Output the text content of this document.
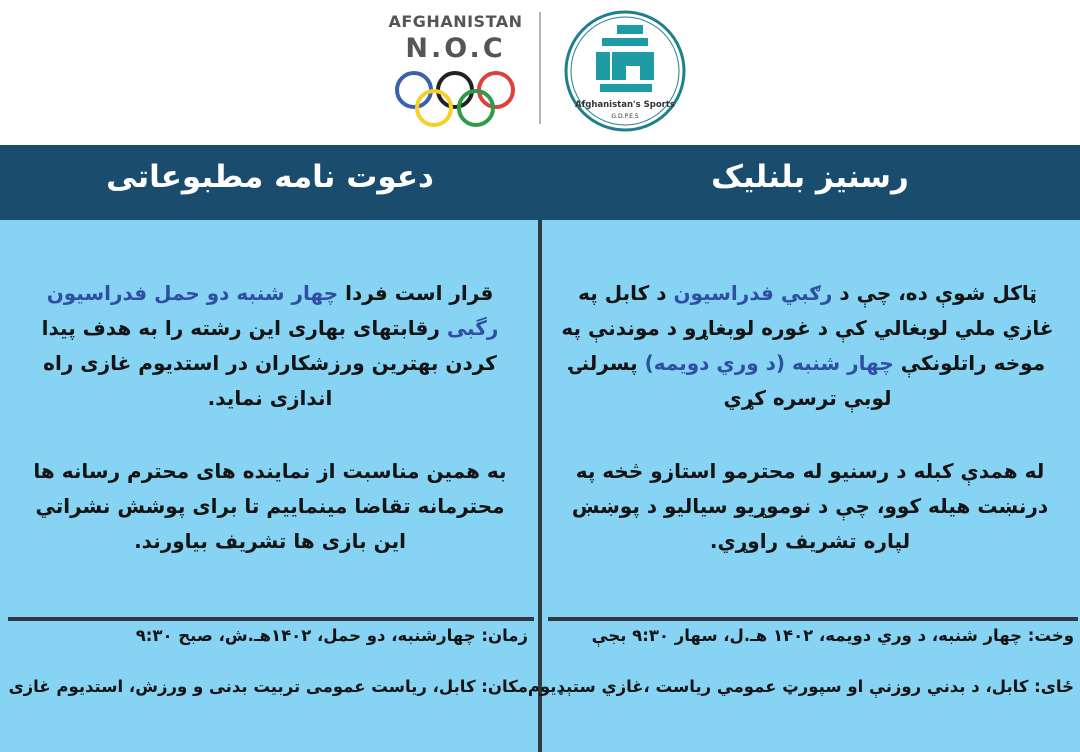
AFGHANISTAN
N.O.C
Afghanistan's Sports
G.D.P.E.S
دعوت نامه مطبوعاتی	رسنیز بلنلیک

قرار است فردا چهار شنبه دو حمل فدراسیون رگبی رقابتهای بهاری این رشته را به هدف پیدا کردن بهترین ورزشکاران در استدیوم غازی راه اندازی نماید.

به همین مناسبت از نماینده های محترم رسانه ها محترمانه تقاضا مینماییم تا برای پوشش نشراتي این بازی ها تشریف بیاورند.

ټاکل شوې ده، چې د رګبي فدراسیون د کابل په غازي ملي لوبغالي کې د غوره لوبغاړو د موندنې په موخه راتلونکې چهار شنبه (د وري دویمه) پسرلنۍ لوبې ترسره کړي

له همدې کبله د رسنیو له محترمو استازو څخه په درنښت هیله کوو، چې د نوموړیو سیالیو د پوښښ لپاره تشریف راوړي.

زمان: چهارشنبه، دو حمل، ۱۴۰۲هـ.ش، صبح ۹:۳۰
مکان: کابل، ریاست عمومی تربیت بدنی و ورزش، استدیوم غازی
وخت: چهار شنبه، د وري دویمه، ۱۴۰۲ هـ.ل، سهار ۹:۳۰ بجې
ځای: کابل، د بدني روزنې او سپورټ عمومي ریاست ،غازي ستېډيوم
